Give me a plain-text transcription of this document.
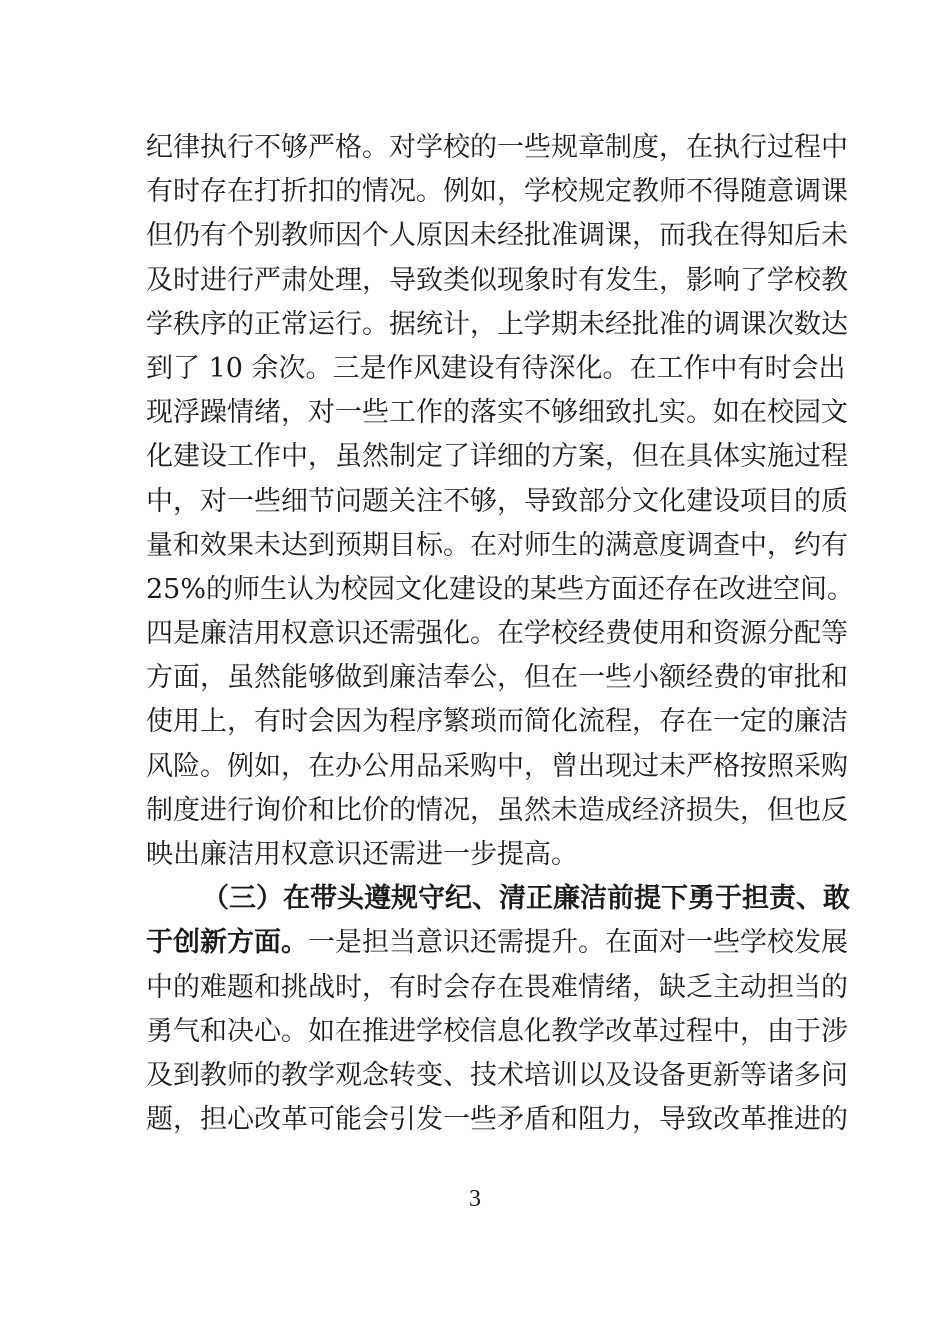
纪律执行不够严格。对学校的一些规章制度，在执行过程中
有时存在打折扣的情况。例如，学校规定教师不得随意调课
但仍有个别教师因个人原因未经批准调课，而我在得知后未
及时进行严肃处理，导致类似现象时有发生，影响了学校教
学秩序的正常运行。据统计，上学期未经批准的调课次数达
到了 10 余次。三是作风建设有待深化。在工作中有时会出
现浮躁情绪，对一些工作的落实不够细致扎实。如在校园文
化建设工作中，虽然制定了详细的方案，但在具体实施过程
中，对一些细节问题关注不够，导致部分文化建设项目的质
量和效果未达到预期目标。在对师生的满意度调查中，约有
25%的师生认为校园文化建设的某些方面还存在改进空间。
四是廉洁用权意识还需强化。在学校经费使用和资源分配等
方面，虽然能够做到廉洁奉公，但在一些小额经费的审批和
使用上，有时会因为程序繁琐而简化流程，存在一定的廉洁
风险。例如，在办公用品采购中，曾出现过未严格按照采购
制度进行询价和比价的情况，虽然未造成经济损失，但也反
映出廉洁用权意识还需进一步提高。
（三）在带头遵规守纪、清正廉洁前提下勇于担责、敢
于创新方面。一是担当意识还需提升。在面对一些学校发展
中的难题和挑战时，有时会存在畏难情绪，缺乏主动担当的
勇气和决心。如在推进学校信息化教学改革过程中，由于涉
及到教师的教学观念转变、技术培训以及设备更新等诸多问
题，担心改革可能会引发一些矛盾和阻力，导致改革推进的
3
